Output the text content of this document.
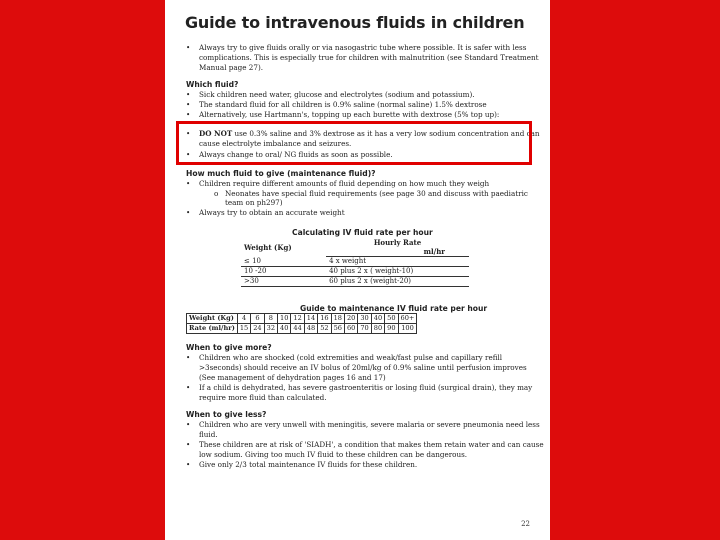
Guide to intravenous fluids in children
• Always try to give fluids orally or via nasogastric tube where possible. It is safer with less
complications. This is especially true for children with malnutrition (see Standard Treatment
Manual page 27).
Which fluid?
• Sick children need water, glucose and electrolytes (sodium and potassium).
• The standard fluid for all children is 0.9% saline (normal saline) 1.5% dextrose
• Alternatively, use Hartmann's, topping up each burette with dextrose (5% top up):
• DO NOT use 0.3% saline and 3% dextrose as it has a very low sodium concentration and can
cause electrolyte imbalance and seizures.
• Always change to oral/ NG fluids as soon as possible.
How much fluid to give (maintenance fluid)?
• Children require different amounts of fluid depending on how much they weigh
o Neonates have special fluid requirements (see page 30 and discuss with paediatric
team on ph297)
• Always try to obtain an accurate weight
Calculating IV fluid rate per hour
Weight (Kg)	Hourly Rate
	ml/hr
≤ 10	4 x weight
10 -20	40 plus 2 x ( weight-10)
>30	60 plus 2 x (weight-20)
Guide to maintenance IV fluid rate per hour
Weight (Kg)	4	6	8	10	12	14	16	18	20	30	40	50	60+
Rate (ml/hr)	15	24	32	40	44	48	52	56	60	70	80	90	100
When to give more?
• Children who are shocked (cold extremities and weak/fast pulse and capillary refill
>3seconds) should receive an IV bolus of 20ml/kg of 0.9% saline until perfusion improves
(See management of dehydration pages 16 and 17)
• If a child is dehydrated, has severe gastroenteritis or losing fluid (surgical drain), they may
require more fluid than calculated.
When to give less?
• Children who are very unwell with meningitis, severe malaria or severe pneumonia need less
fluid.
• These children are at risk of 'SIADH', a condition that makes them retain water and can cause
low sodium. Giving too much IV fluid to these children can be dangerous.
• Give only 2/3 total maintenance IV fluids for these children.
22
